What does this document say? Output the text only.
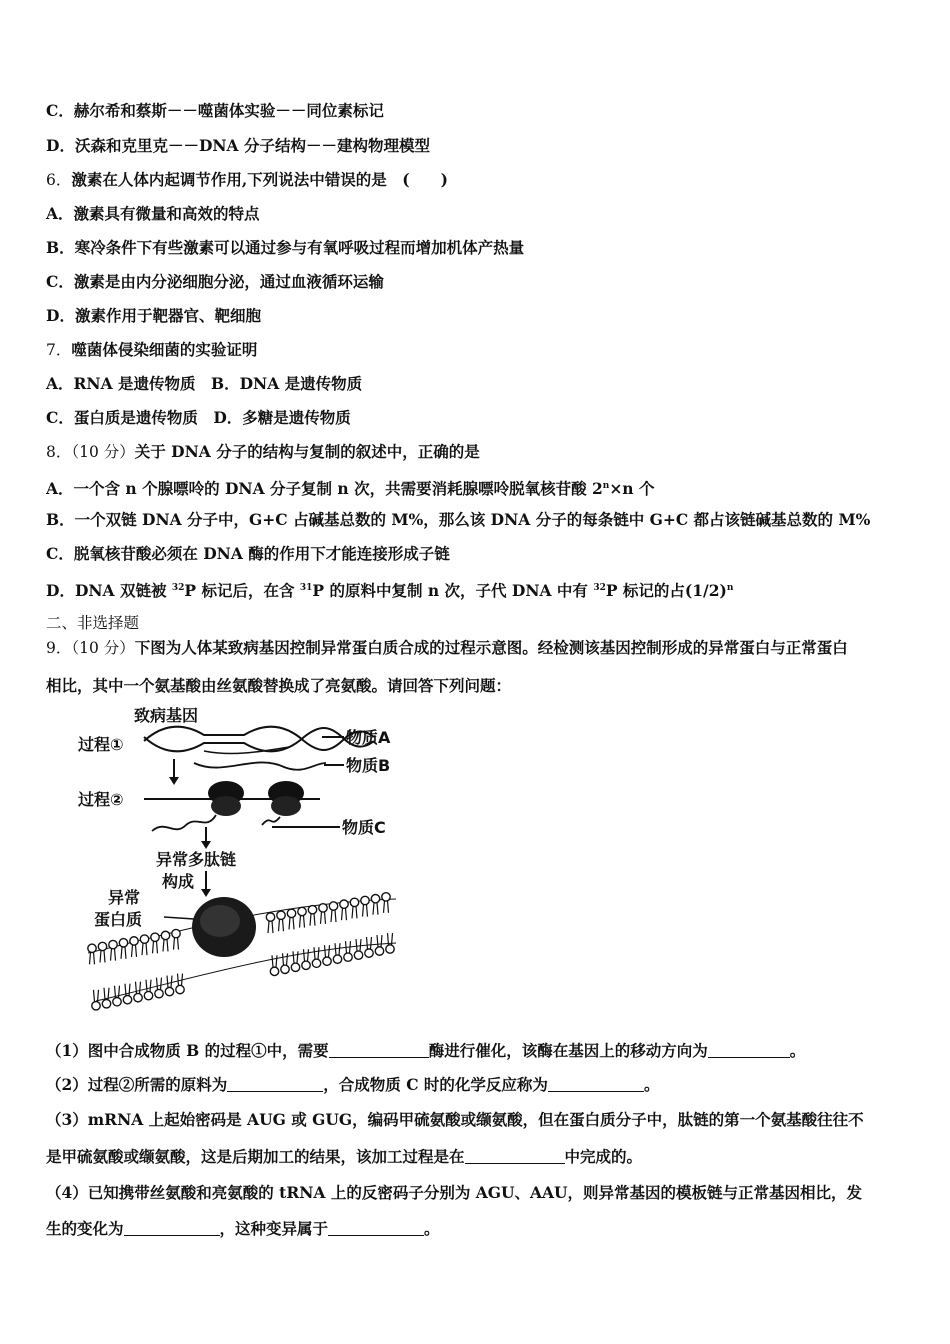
C．赫尔希和蔡斯－－噬菌体实验－－同位素标记
D．沃森和克里克－－DNA 分子结构－－建构物理模型
6．激素在人体内起调节作用,下列说法中错误的是　(　　)
A．激素具有微量和高效的特点
B．寒冷条件下有些激素可以通过参与有氧呼吸过程而增加机体产热量
C．激素是由内分泌细胞分泌，通过血液循环运输
D．激素作用于靶器官、靶细胞
7．噬菌体侵染细菌的实验证明
A．RNA 是遗传物质　B．DNA 是遗传物质
C．蛋白质是遗传物质　D．多糖是遗传物质
8．（10 分）关于 DNA 分子的结构与复制的叙述中，正确的是
A．一个含 n 个腺嘌呤的 DNA 分子复制 n 次，共需要消耗腺嘌呤脱氧核苷酸 $2^n\times n$ 个
B．一个双链 DNA 分子中，G+C 占碱基总数的 M%，那么该 DNA 分子的每条链中 G+C 都占该链碱基总数的 M%
C．脱氧核苷酸必须在 DNA 酶的作用下才能连接形成子链
D．DNA 双链被 $^{32}$P 标记后，在含 $^{31}$P 的原料中复制 n 次，子代 DNA 中有 $^{32}$P 标记的占$(1/2)^n$
二、非选择题
9．（10 分）下图为人体某致病基因控制异常蛋白质合成的过程示意图。经检测该基因控制形成的异常蛋白与正常蛋白
相比，其中一个氨基酸由丝氨酸替换成了亮氨酸。请回答下列问题：
致病基因
过程①	物质A
物质B
过程②
物质C
异常多肽链
构成
异常
蛋白质
（1）图中合成物质 B 的过程①中，需要	酶进行催化，该酶在基因上的移动方向为	。
（2）过程②所需的原料为	，合成物质 C 时的化学反应称为	。
（3）mRNA 上起始密码是 AUG 或 GUG，编码甲硫氨酸或缬氨酸，但在蛋白质分子中，肽链的第一个氨基酸往往不
是甲硫氨酸或缬氨酸，这是后期加工的结果，该加工过程是在	中完成的。
（4）已知携带丝氨酸和亮氨酸的 tRNA 上的反密码子分别为 AGU、AAU，则异常基因的模板链与正常基因相比，发
生的变化为	，这种变异属于	。
